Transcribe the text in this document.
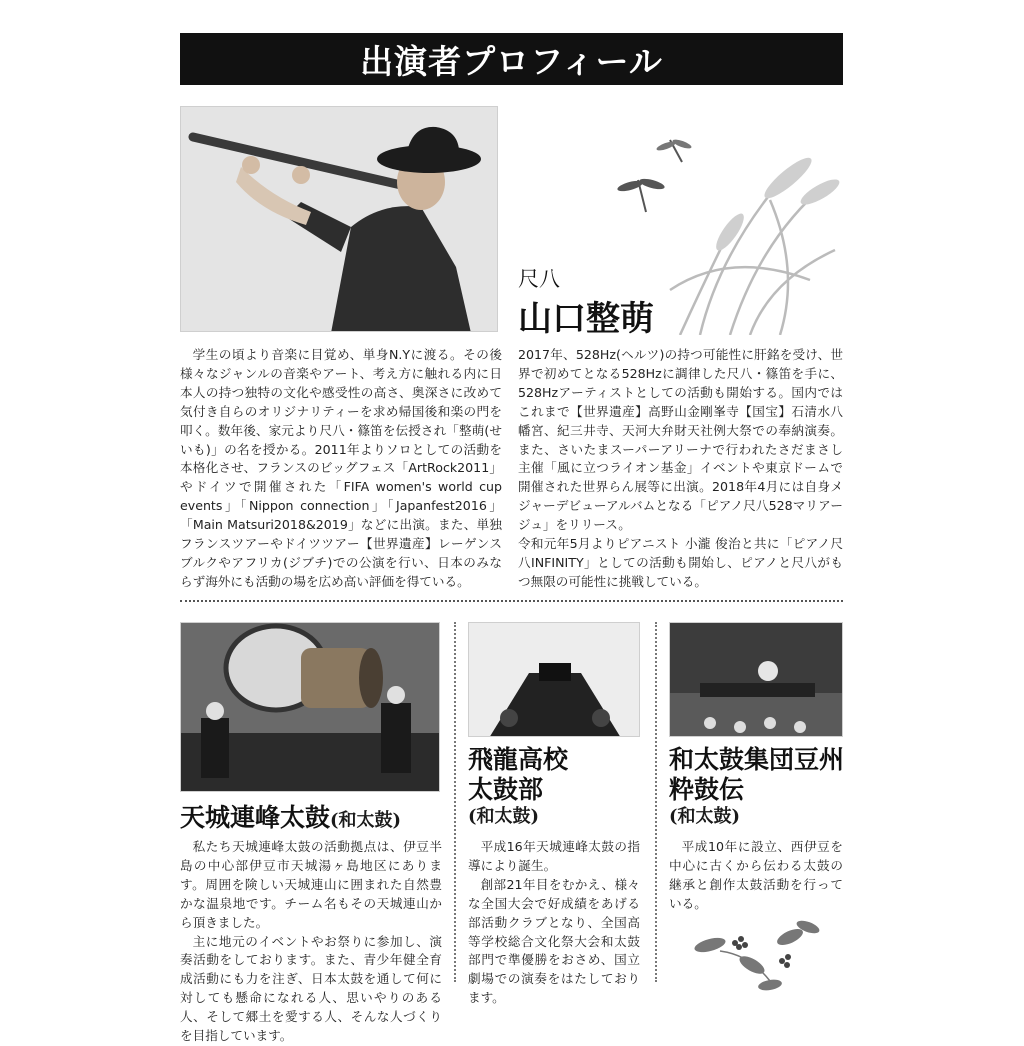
出演者プロフィール
尺八
山口整萌

学生の頃より音楽に目覚め、単身N.Yに渡る。その後様々なジャンルの音楽やアート、考え方に触れる内に日本人の持つ独特の文化や感受性の高さ、奥深さに改めて気付き自らのオリジナリティーを求め帰国後和楽の門を叩く。数年後、家元より尺八・篠笛を伝授され「整萌(せいも)」の名を授かる。2011年よりソロとしての活動を本格化させ、フランスのビッグフェス「ArtRock2011」やドイツで開催された「FIFA women's world cup events」「Nippon connection」「Japanfest2016」「Main Matsuri2018&2019」などに出演。また、単独フランスツアーやドイツツアー【世界遺産】レーゲンスブルクやアフリカ(ジブチ)での公演を行い、日本のみならず海外にも活動の場を広め高い評価を得ている。

2017年、528Hz(ヘルツ)の持つ可能性に肝銘を受け、世界で初めてとなる528Hzに調律した尺八・篠笛を手に、528Hzアーティストとしての活動も開始する。国内ではこれまで【世界遺産】高野山金剛峯寺【国宝】石清水八幡宮、紀三井寺、天河大弁財天社例大祭での奉納演奏。また、さいたまスーパーアリーナで行われたさだまさし主催「風に立つライオン基金」イベントや東京ドームで開催された世界らん展等に出演。2018年4月には自身メジャーデビューアルバムとなる「ピアノ尺八528マリアージュ」をリリース。

令和元年5月よりピアニスト 小瀧 俊治と共に「ピアノ尺八INFINITY」としての活動も開始し、ピアノと尺八がもつ無限の可能性に挑戦している。

天城連峰太鼓(和太鼓)

私たち天城連峰太鼓の活動拠点は、伊豆半島の中心部伊豆市天城湯ヶ島地区にあります。周囲を険しい天城連山に囲まれた自然豊かな温泉地です。チーム名もその天城連山から頂きました。

主に地元のイベントやお祭りに参加し、演奏活動をしております。また、青少年健全育成活動にも力を注ぎ、日本太鼓を通して何に対しても懸命になれる人、思いやりのある人、そして郷土を愛する人、そんな人づくりを目指しています。

飛龍高校
太鼓部
(和太鼓)

平成16年天城連峰太鼓の指導により誕生。

創部21年目をむかえ、様々な全国大会で好成績をあげる部活動クラブとなり、全国高等学校総合文化祭大会和太鼓部門で準優勝をおさめ、国立劇場での演奏をはたしております。

和太鼓集団豆州
粋鼓伝
(和太鼓)

平成10年に設立、西伊豆を中心に古くから伝わる太鼓の継承と創作太鼓活動を行っている。
